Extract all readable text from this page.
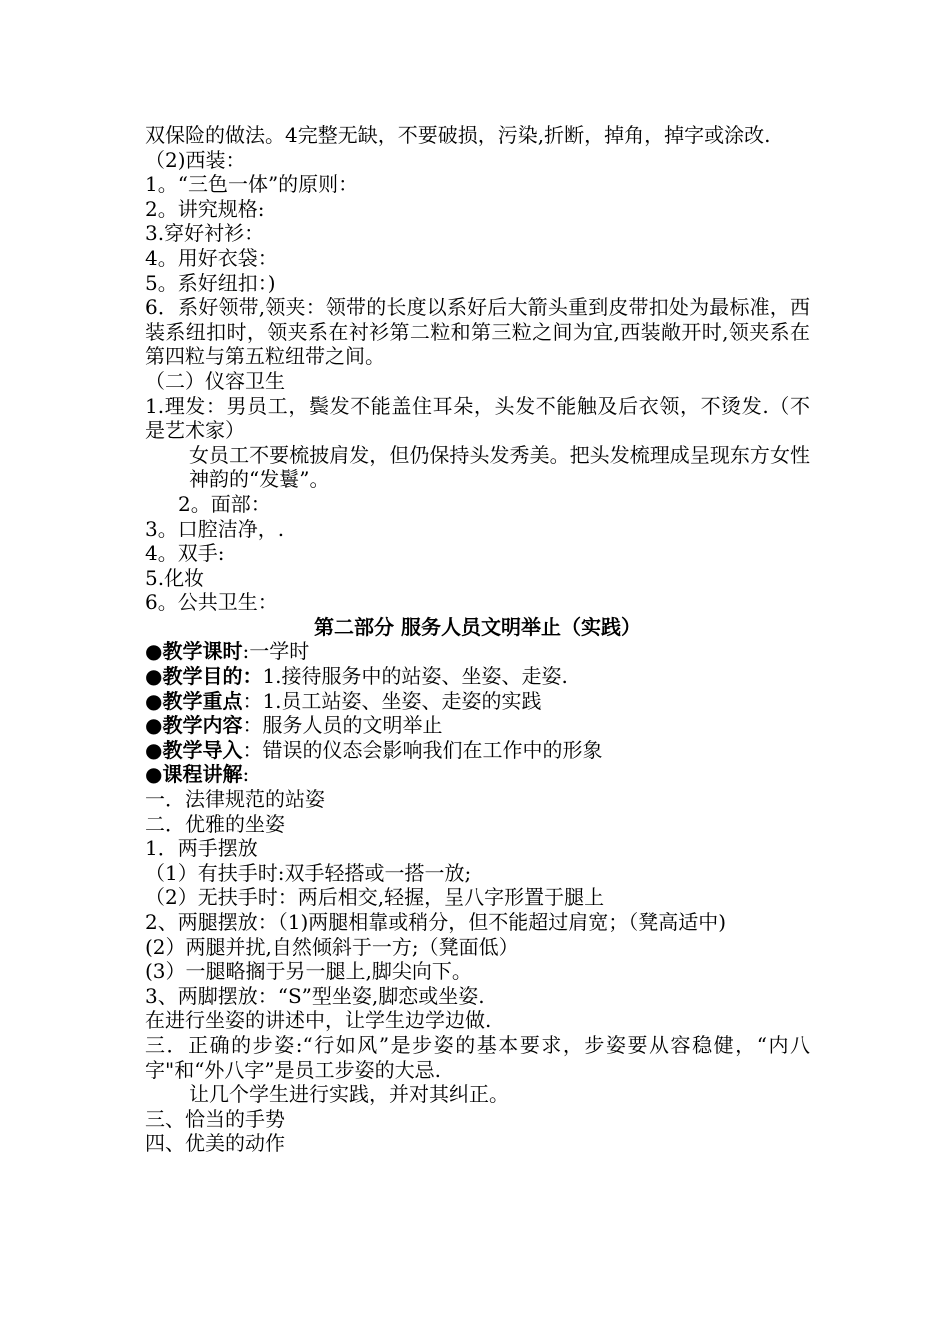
双保险的做法。4完整无缺，不要破损，污染,折断，掉角，掉字或涂改.
（2)西装：
1。“三色一体”的原则：
2。讲究规格:
3.穿好衬衫：
4。用好衣袋：
5。系好纽扣：)
6．系好领带,领夹：领带的长度以系好后大箭头重到皮带扣处为最标准，西装系纽扣时，领夹系在衬衫第二粒和第三粒之间为宜,西装敞开时,领夹系在第四粒与第五粒纽带之间。
（二）仪容卫生
1.理发：男员工，鬓发不能盖住耳朵，头发不能触及后衣领，不烫发.（不是艺术家）
女员工不要梳披肩发，但仍保持头发秀美。把头发梳理成呈现东方女性神韵的“发鬟”。
2。面部：
3。口腔洁净，.
4。双手:
5.化妆
6。公共卫生：
第二部分 服务人员文明举止（实践）
●教学课时:一学时
●教学目的：1.接待服务中的站姿、坐姿、走姿.
●教学重点：1.员工站姿、坐姿、走姿的实践
●教学内容：服务人员的文明举止
●教学导入：错误的仪态会影响我们在工作中的形象
●课程讲解:
一．法律规范的站姿
二．优雅的坐姿
1．两手摆放
（1）有扶手时:双手轻搭或一搭一放;
（2）无扶手时：两后相交,轻握，呈八字形置于腿上
2、两腿摆放：（1)两腿相靠或稍分，但不能超过肩宽；（凳高适中)
(2）两腿并扰,自然倾斜于一方;（凳面低）
(3）一腿略搁于另一腿上,脚尖向下。
3、两脚摆放：“S”型坐姿,脚恋或坐姿.
在进行坐姿的讲述中，让学生边学边做.
三．正确的步姿:“行如风”是步姿的基本要求，步姿要从容稳健，“内八字"和“外八字”是员工步姿的大忌.
让几个学生进行实践，并对其纠正。
三、恰当的手势
四、优美的动作
